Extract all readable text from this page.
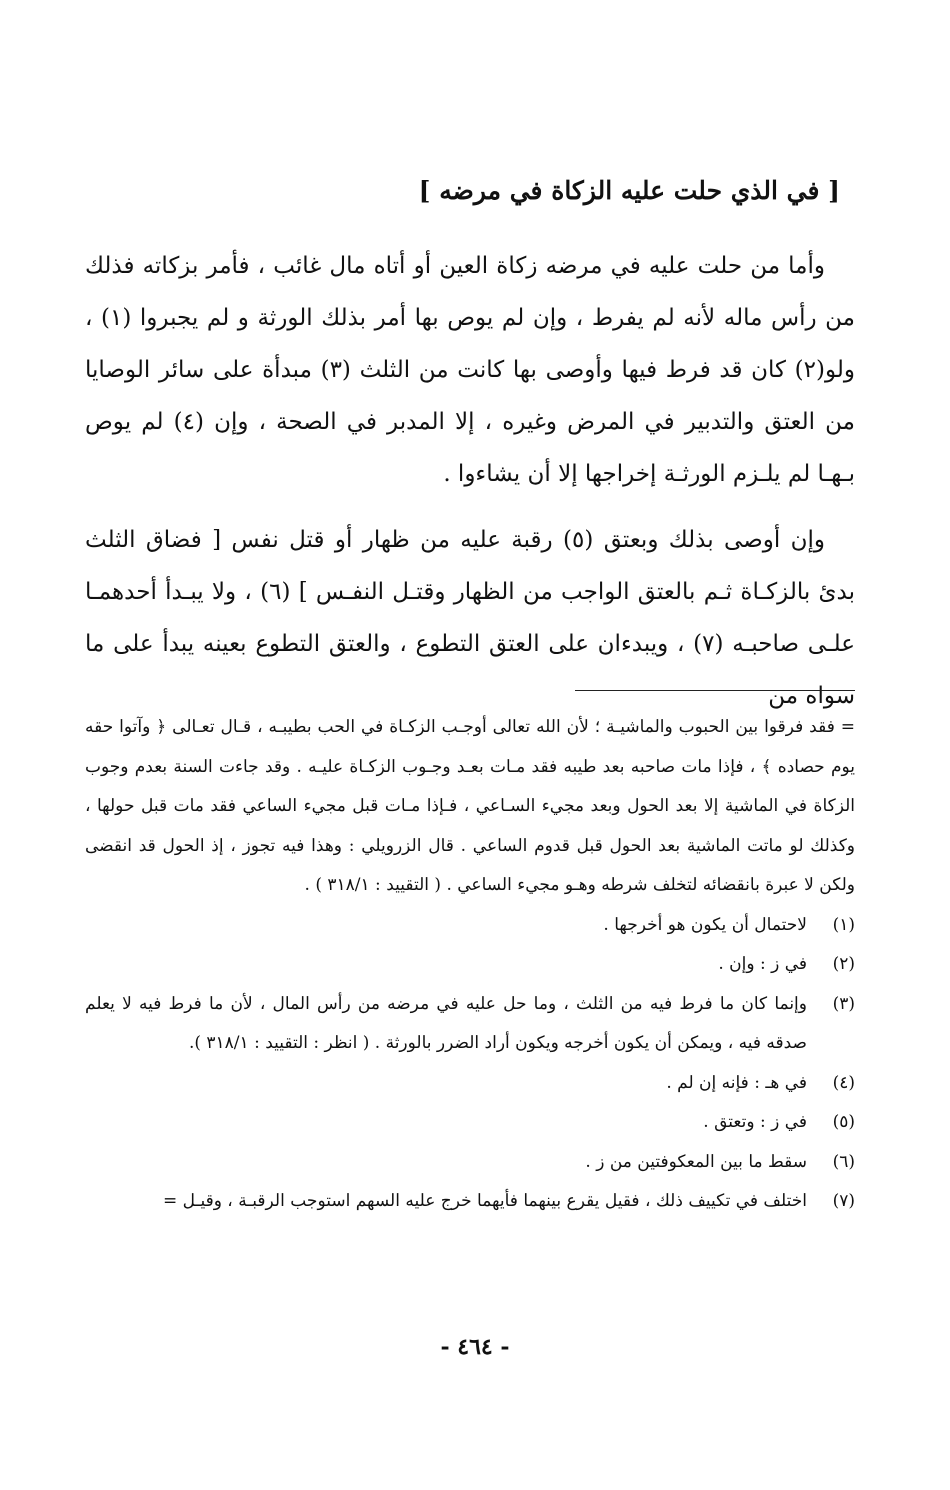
[ في الذي حلت عليه الزكاة في مرضه ]

وأما من حلت عليه في مرضه زكاة العين أو أتاه مال غائب ، فأمر بزكاته فذلك من رأس ماله لأنه لم يفرط ، وإن لم يوص بها أمر بذلك الورثة و لم يجبروا (١) ، ولو(٢) كان قد فرط فيها وأوصى بها كانت من الثلث (٣) مبدأة على سائر الوصايا من العتق والتدبير في المرض وغيره ، إلا المدبر في الصحة ، وإن (٤) لم يوص بـهـا لم يلـزم الورثـة إخراجها إلا أن يشاءوا .

وإن أوصى بذلك وبعتق (٥) رقبة عليه من ظهار أو قتل نفس [ فضاق الثلث بدئ بالزكـاة ثـم بالعتق الواجب من الظهار وقتـل النفـس ] (٦) ، ولا يبـدأ أحدهمـا علـى صاحبـه (٧) ، ويبدءان على العتق التطوع ، والعتق التطوع بعينه يبدأ على ما سواه من

= فقد فرقوا بين الحبوب والماشيـة ؛ لأن الله تعالى أوجـب الزكـاة في الحب بطيبـه ، قـال تعـالى ﴿ وآتوا حقه يوم حصاده ﴾ ، فإذا مات صاحبه بعد طيبه فقد مـات بعـد وجـوب الزكـاة عليـه . وقد جاءت السنة بعدم وجوب الزكاة في الماشية إلا بعد الحول وبعد مجيء السـاعي ، فـإذا مـات قبل مجيء الساعي فقد مات قبل حولها ، وكذلك لو ماتت الماشية بعد الحول قبل قدوم الساعي . قال الزرويلي : وهذا فيه تجوز ، إذ الحول قد انقضى ولكن لا عبرة بانقضائه لتخلف شرطه وهـو مجيء الساعي . ( التقييد : ٣١٨/١ ) .

(١)
لاحتمال أن يكون هو أخرجها .
(٢)
في ز : وإن .
(٣)
وإنما كان ما فرط فيه من الثلث ، وما حل عليه في مرضه من رأس المال ، لأن ما فرط فيه لا يعلم صدقه فيه ، ويمكن أن يكون أخرجه ويكون أراد الضرر بالورثة . ( انظر : التقييد : ٣١٨/١ ).
(٤)
في هـ : فإنه إن لم .
(٥)
في ز : وتعتق .
(٦)
سقط ما بين المعكوفتين من ز .
(٧)
اختلف في تكييف ذلك ، فقيل يقرع بينهما فأيهما خرج عليه السهم استوجب الرقبـة ، وقيـل =
- ٤٦٤ -
